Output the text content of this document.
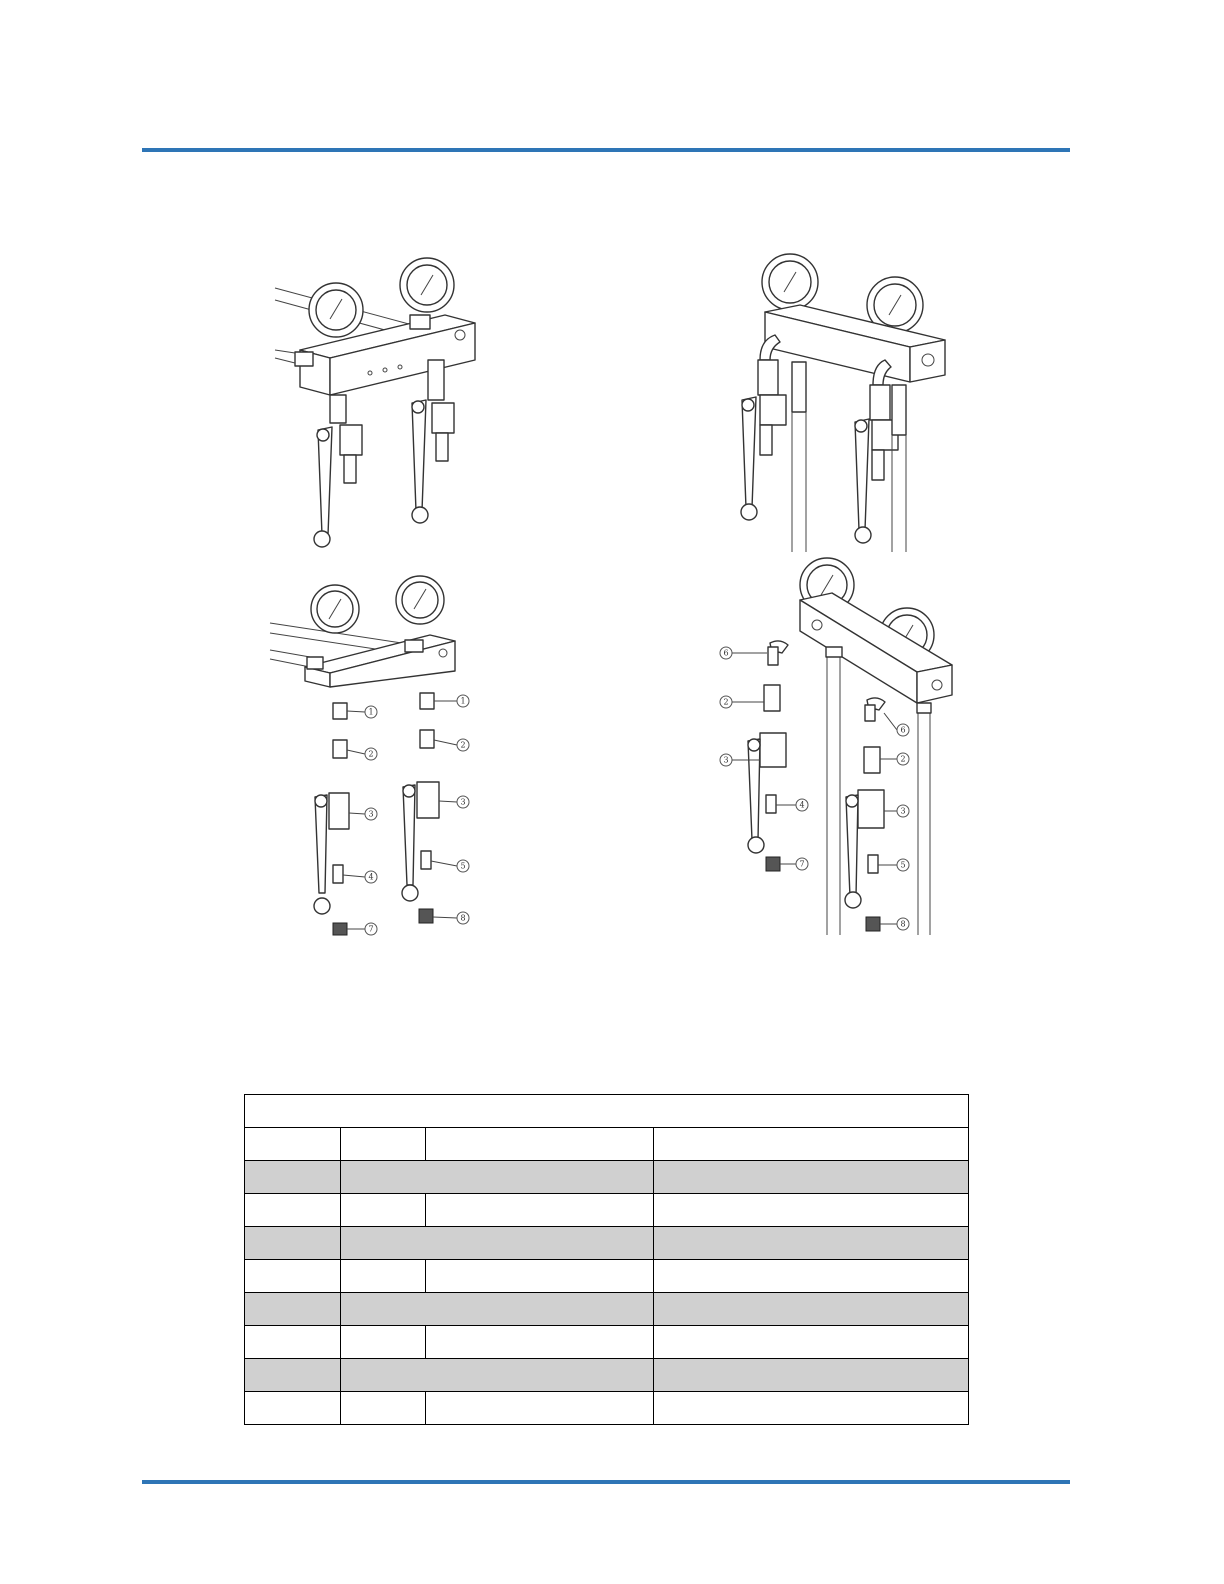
1
2
3
4
7
1
2
3
5
8
6
2
3
4
7
6
2
3
5
8
